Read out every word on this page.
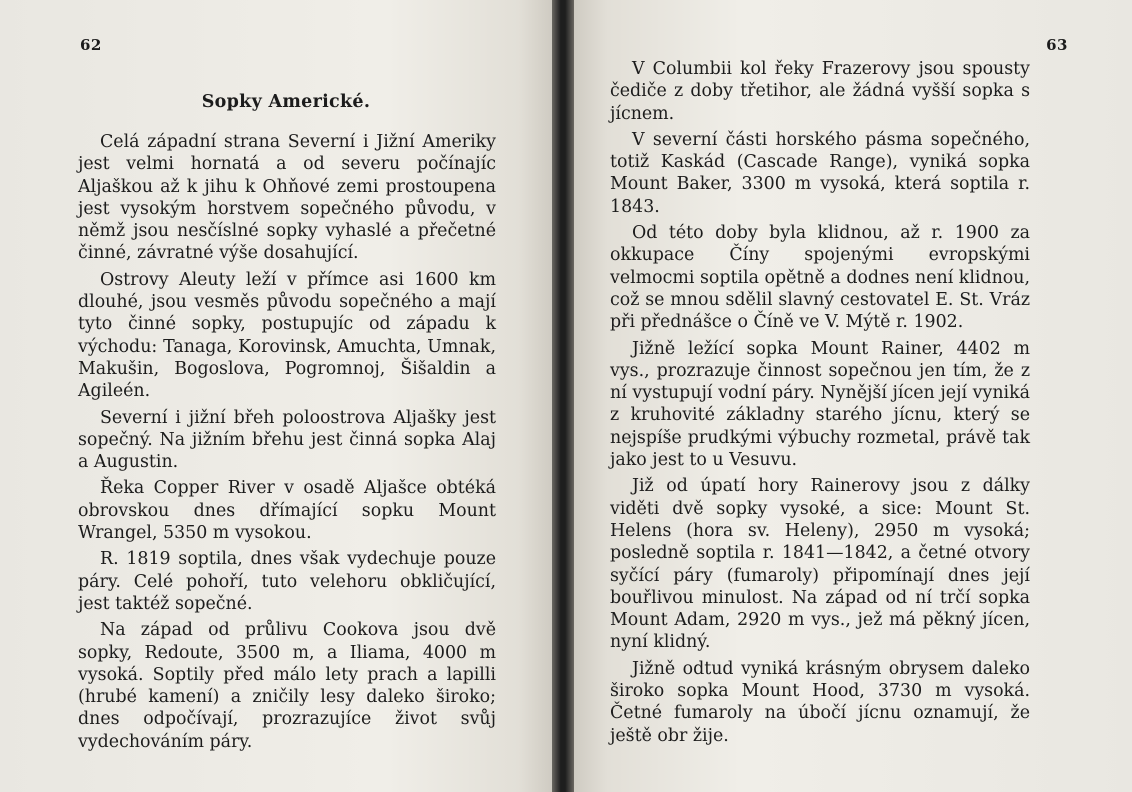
62
Sopky Americké.

Celá západní strana Severní i Jižní Ameriky jest velmi hornatá a od severu počínajíc Aljaškou až k jihu k Ohňové zemi prostoupena jest vysokým horstvem sopečného původu, v němž jsou nesčíslné sopky vyhaslé a přečetné činné, závratné výše dosahující.

Ostrovy Aleuty leží v přímce asi 1600 km dlouhé, jsou vesměs původu sopečného a mají tyto činné sopky, postupujíc od západu k východu: Tanaga, Korovinsk, Amuchta, Umnak, Makušin, Bogoslova, Pogromnoj, Šišaldin a Agileén.

Severní i jižní břeh poloostrova Aljašky jest sopečný. Na jižním břehu jest činná sopka Alaj a Augustin.

Řeka Copper River v osadě Aljašce obtéká obrovskou dnes dřímající sopku Mount Wrangel, 5350 m vysokou.

R. 1819 soptila, dnes však vydechuje pouze páry. Celé pohoří, tuto velehoru obkličující, jest taktéž sopečné.

Na západ od průlivu Cookova jsou dvě sopky, Redoute, 3500 m, a Iliama, 4000 m vysoká. Soptily před málo lety prach a lapilli (hrubé kamení) a zničily lesy daleko široko; dnes odpočívají, prozrazujíce život svůj vydechováním páry.

63

V Columbii kol řeky Frazerovy jsou spousty čediče z doby třetihor, ale žádná vyšší sopka s jícnem.

V severní části horského pásma sopečného, totiž Kaskád (Cascade Range), vyniká sopka Mount Baker, 3300 m vysoká, která soptila r. 1843.

Od této doby byla klidnou, až r. 1900 za okkupace Číny spojenými evropskými velmocmi soptila opětně a dodnes není klidnou, což se mnou sdělil slavný cestovatel E. St. Vráz při přednášce o Číně ve V. Mýtě r. 1902.

Jižně ležící sopka Mount Rainer, 4402 m vys., prozrazuje činnost sopečnou jen tím, že z ní vystupují vodní páry. Nynější jícen její vyniká z kruhovité základny starého jícnu, který se nejspíše prudkými výbuchy rozmetal, právě tak jako jest to u Vesuvu.

Již od úpatí hory Rainerovy jsou z dálky viděti dvě sopky vysoké, a sice: Mount St. Helens (hora sv. Heleny), 2950 m vysoká; posledně soptila r. 1841—1842, a četné otvory syčící páry (fumaroly) připomínají dnes její bouřlivou minulost. Na západ od ní trčí sopka Mount Adam, 2920 m vys., jež má pěkný jícen, nyní klidný.

Jižně odtud vyniká krásným obrysem daleko široko sopka Mount Hood, 3730 m vysoká. Četné fumaroly na úbočí jícnu oznamují, že ještě obr žije.
